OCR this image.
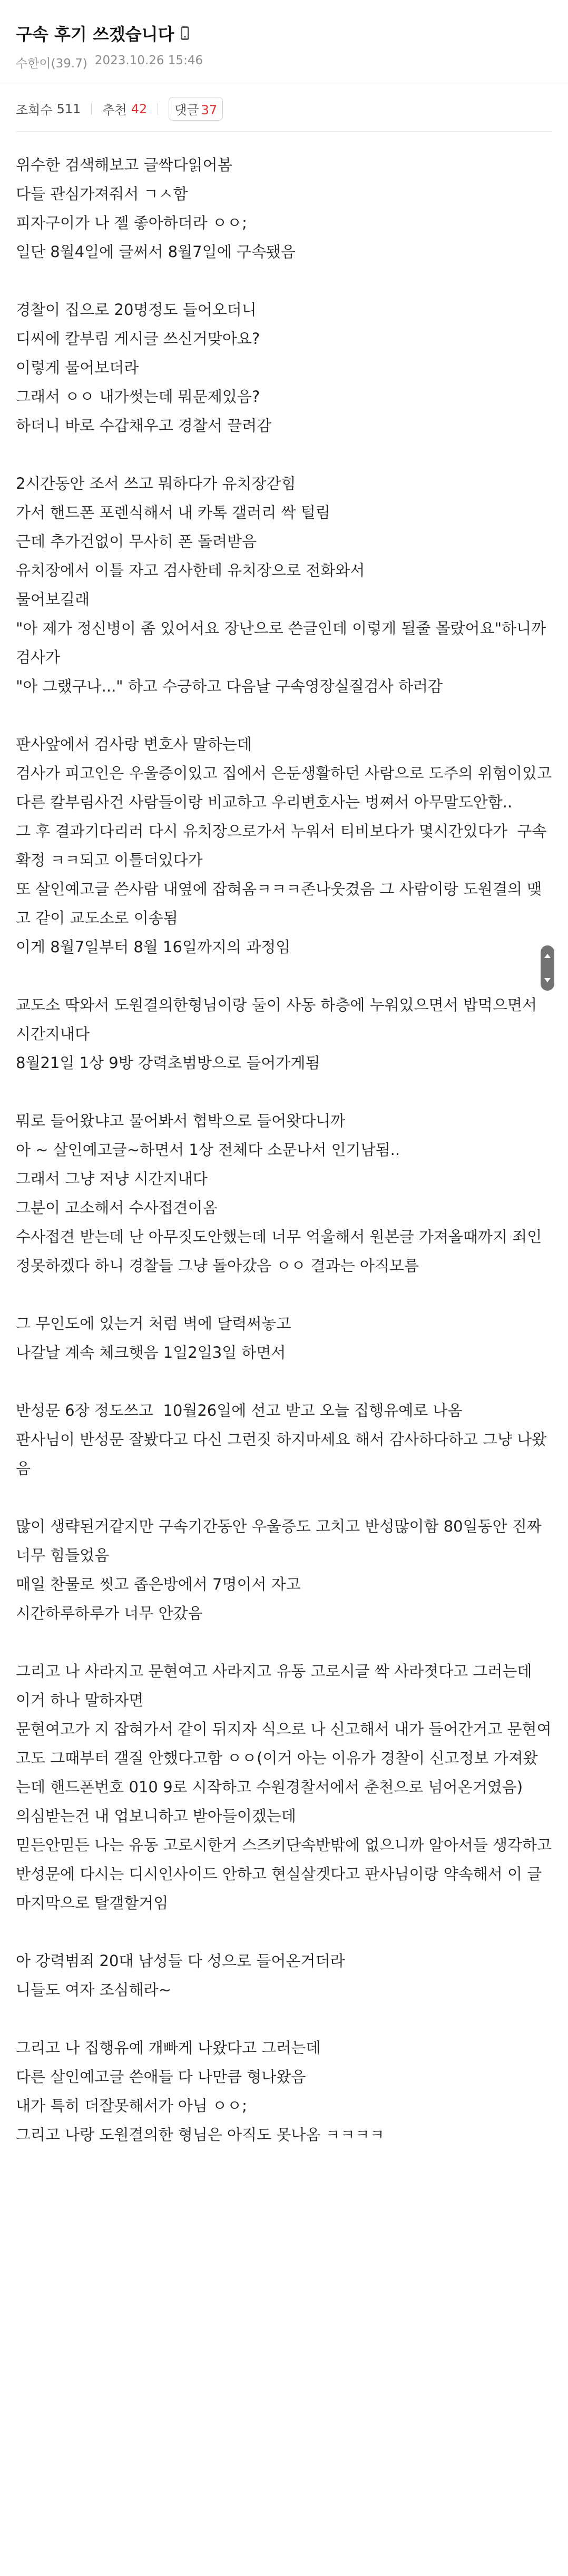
구속 후기 쓰겠습니다
수한이(39.7) 2023.10.26 15:46
조회수 511 추천 42	댓글 37

위수한 검색해보고 글싹다읽어봄

다들 관심가져줘서 ㄱㅅ함

피자구이가 나 젤 좋아하더라 ㅇㅇ;

일단 8월4일에 글써서 8월7일에 구속됐음

경찰이 집으로 20명정도 들어오더니

디씨에 칼부림 게시글 쓰신거맞아요?

이렇게 물어보더라

그래서 ㅇㅇ 내가썻는데 뭐문제있음?

하더니 바로 수갑채우고 경찰서 끌려감

2시간동안 조서 쓰고 뭐하다가 유치장갇힘

가서 핸드폰 포렌식해서 내 카톡 갤러리 싹 털림

근데 추가건없이 무사히 폰 돌려받음

유치장에서 이틀 자고 검사한테 유치장으로 전화와서

물어보길래

"아 제가 정신병이 좀 있어서요 장난으로 쓴글인데 이렇게 될줄 몰랐어요"하니까 검사가

"아 그랬구나..." 하고 수긍하고 다음날 구속영장실질검사 하러감

판사앞에서 검사랑 변호사 말하는데

검사가 피고인은 우울증이있고 집에서 은둔생활하던 사람으로 도주의 위험이있고 다른 칼부림사건 사람들이랑 비교하고 우리변호사는 벙쪄서 아무말도안함..

그 후 결과기다리러 다시 유치장으로가서 누워서 티비보다가 몇시간있다가  구속확정 ㅋㅋ되고 이틀더있다가

또 살인예고글 쓴사람 내옆에 잡혀옴ㅋㅋㅋ존나웃겼음 그 사람이랑 도원결의 맺고 같이 교도소로 이송됨

이게 8월7일부터 8월 16일까지의 과정임

교도소 딱와서 도원결의한형님이랑 둘이 사동 하층에 누워있으면서 밥먹으면서 시간지내다

8월21일 1상 9방 강력초범방으로 들어가게됨

뭐로 들어왔냐고 물어봐서 협박으로 들어왓다니까

아 ~ 살인예고글~하면서 1상 전체다 소문나서 인기남됨..

그래서 그냥 저냥 시간지내다

그분이 고소해서 수사접견이옴

수사접견 받는데 난 아무짓도안했는데 너무 억울해서 원본글 가져올때까지 죄인정못하겠다 하니 경찰들 그냥 돌아갔음 ㅇㅇ 결과는 아직모름

그 무인도에 있는거 처럼 벽에 달력써놓고

나갈날 계속 체크햇음 1일2일3일 하면서

반성문 6장 정도쓰고  10월26일에 선고 받고 오늘 집행유예로 나옴

판사님이 반성문 잘봤다고 다신 그런짓 하지마세요 해서 감사하다하고 그냥 나왔음

많이 생략된거같지만 구속기간동안 우울증도 고치고 반성많이함 80일동안 진짜 너무 힘들었음

매일 찬물로 씻고 좁은방에서 7명이서 자고

시간하루하루가 너무 안갔음

그리고 나 사라지고 문현여고 사라지고 유동 고로시글 싹 사라졋다고 그러는데

이거 하나 말하자면

문현여고가 지 잡혀가서 같이 뒤지자 식으로 나 신고해서 내가 들어간거고 문현여고도 그때부터 갤질 안했다고함 ㅇㅇ(이거 아는 이유가 경찰이 신고정보 가져왔는데 핸드폰번호 010 9로 시작하고 수원경찰서에서 춘천으로 넘어온거였음)

의심받는건 내 업보니하고 받아들이겠는데

믿든안믿든 나는 유동 고로시한거 스즈키단속반밖에 없으니까 알아서들 생각하고

반성문에 다시는 디시인사이드 안하고 현실살겟다고 판사님이랑 약속해서 이 글 마지막으로 탈갤할거임

아 강력범죄 20대 남성들 다 성으로 들어온거더라

니들도 여자 조심해라~

그리고 나 집행유예 개빠게 나왔다고 그러는데

다른 살인예고글 쓴애들 다 나만큼 형나왔음

내가 특히 더잘못해서가 아님 ㅇㅇ;

그리고 나랑 도원결의한 형님은 아직도 못나옴 ㅋㅋㅋㅋ
